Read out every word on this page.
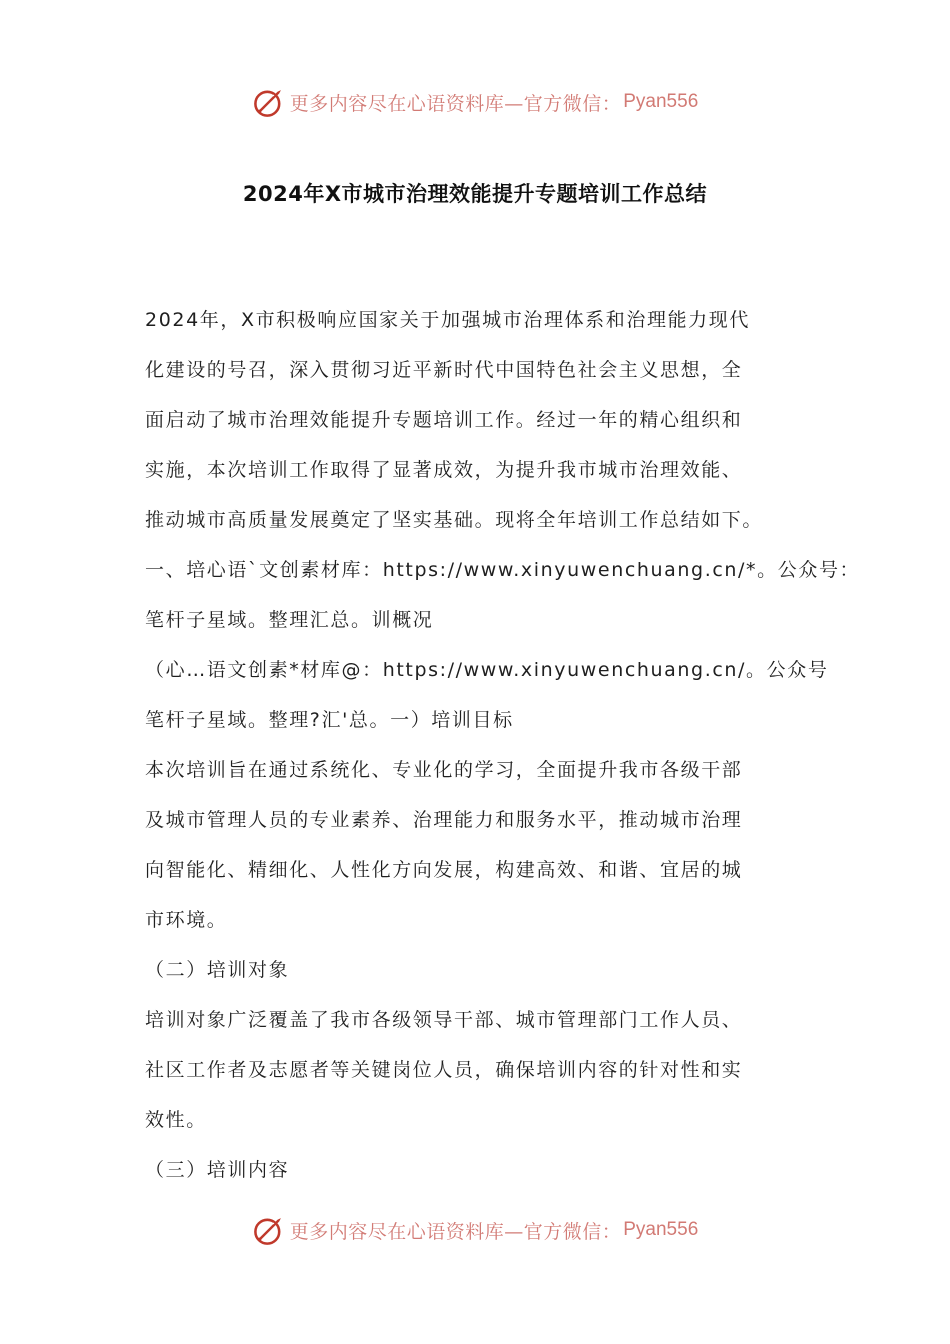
更多内容尽在心语资料库—官方微信： Pyan556
2024年X市城市治理效能提升专题培训工作总结
2024年，X市积极响应国家关于加强城市治理体系和治理能力现代
化建设的号召，深入贯彻习近平新时代中国特色社会主义思想，全
面启动了城市治理效能提升专题培训工作。经过一年的精心组织和
实施，本次培训工作取得了显著成效，为提升我市城市治理效能、
推动城市高质量发展奠定了坚实基础。现将全年培训工作总结如下。
一、培心语`文创素材库：https://www.xinyuwenchuang.cn/*。公众号：
笔杆子星域。整理汇总。训概况
（心…语文创素*材库@：https://www.xinyuwenchuang.cn/。公众号
笔杆子星域。整理?汇'总。一）培训目标
本次培训旨在通过系统化、专业化的学习，全面提升我市各级干部
及城市管理人员的专业素养、治理能力和服务水平，推动城市治理
向智能化、精细化、人性化方向发展，构建高效、和谐、宜居的城
市环境。
（二）培训对象
培训对象广泛覆盖了我市各级领导干部、城市管理部门工作人员、
社区工作者及志愿者等关键岗位人员，确保培训内容的针对性和实
效性。
（三）培训内容
更多内容尽在心语资料库—官方微信： Pyan556
